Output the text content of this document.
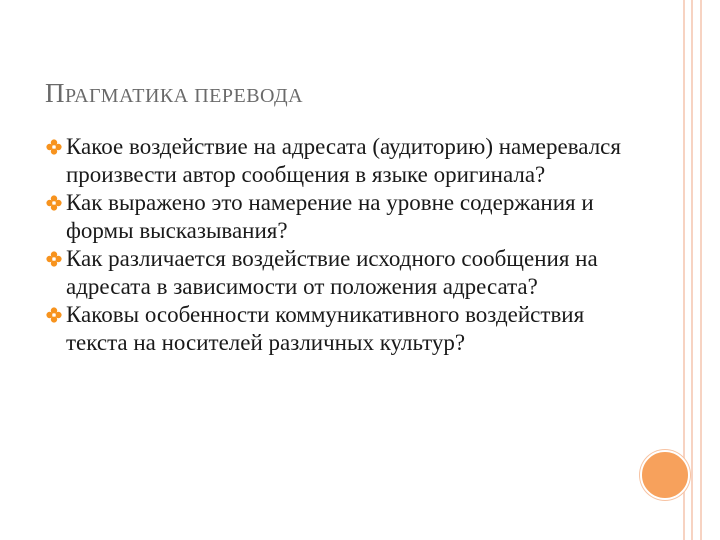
ПРАГМАТИКА ПЕРЕВОДА

Какое воздействие на адресата (аудиторию) намеревался произвести автор сообщения в языке оригинала?

Как выражено это намерение на уровне содержания и формы высказывания?

Как различается воздействие исходного сообщения на адресата в зависимости от положения адресата?

Каковы особенности коммуникативного воздействия текста на носителей различных культур?
